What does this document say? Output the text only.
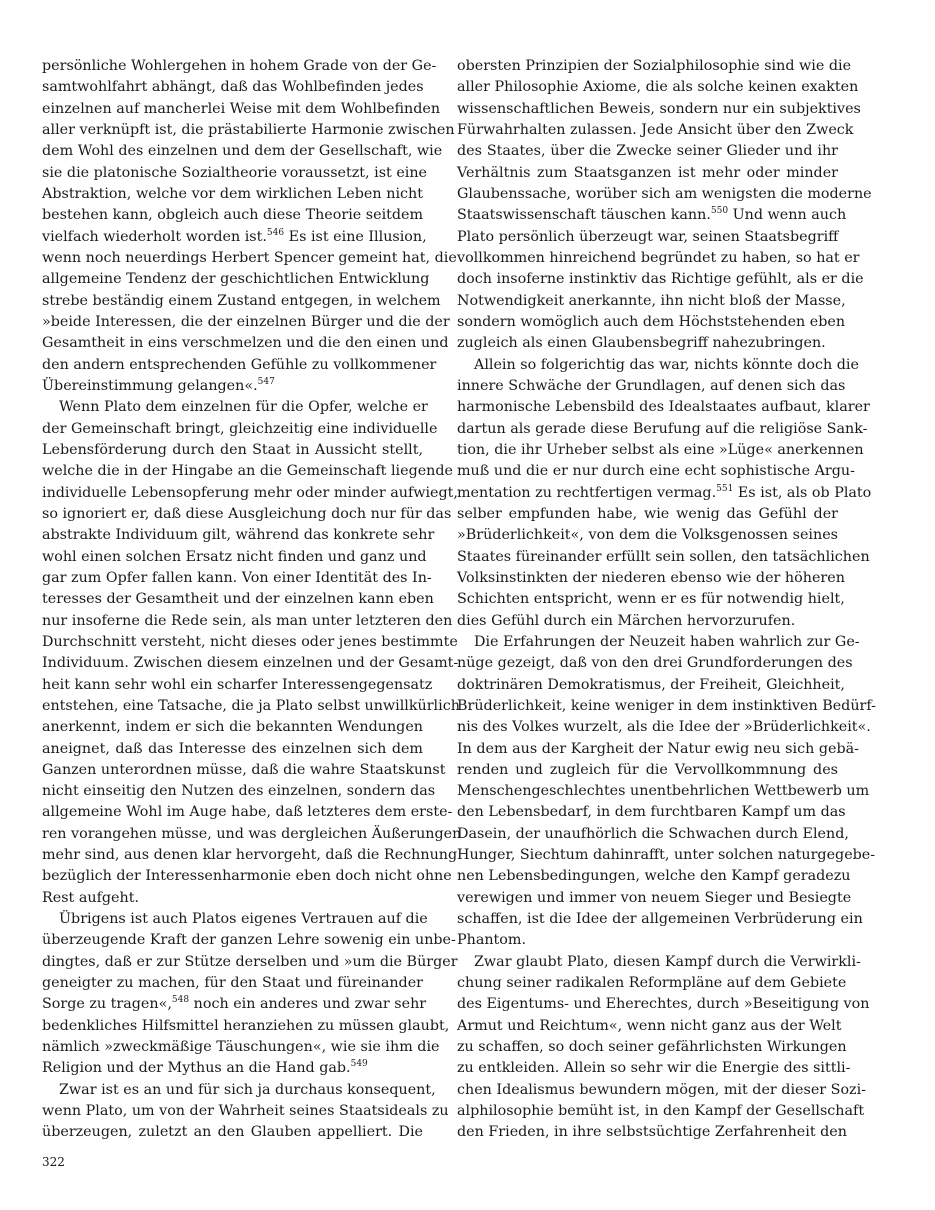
persönliche Wohlergehen in hohem Grade von der Ge-
samtwohlfahrt abhängt, daß das Wohlbefinden jedes
einzelnen auf mancherlei Weise mit dem Wohlbefinden
aller verknüpft ist, die prästabilierte Harmonie zwischen
dem Wohl des einzelnen und dem der Gesellschaft, wie
sie die platonische Sozialtheorie voraussetzt, ist eine
Abstraktion, welche vor dem wirklichen Leben nicht
bestehen kann, obgleich auch diese Theorie seitdem
vielfach wiederholt worden ist.$^{546}$ Es ist eine Illusion,
wenn noch neuerdings Herbert Spencer gemeint hat, die
allgemeine Tendenz der geschichtlichen Entwicklung
strebe beständig einem Zustand entgegen, in welchem
»beide Interessen, die der einzelnen Bürger und die der
Gesamtheit in eins verschmelzen und die den einen und
den andern entsprechenden Gefühle zu vollkommener
Übereinstimmung gelangen«.$^{547}$
Wenn Plato dem einzelnen für die Opfer, welche er
der Gemeinschaft bringt, gleichzeitig eine individuelle
Lebensförderung durch den Staat in Aussicht stellt,
welche die in der Hingabe an die Gemeinschaft liegende
individuelle Lebensopferung mehr oder minder aufwiegt,
so ignoriert er, daß diese Ausgleichung doch nur für das
abstrakte Individuum gilt, während das konkrete sehr
wohl einen solchen Ersatz nicht finden und ganz und
gar zum Opfer fallen kann. Von einer Identität des In-
teresses der Gesamtheit und der einzelnen kann eben
nur insoferne die Rede sein, als man unter letzteren den
Durchschnitt versteht, nicht dieses oder jenes bestimmte
Individuum. Zwischen diesem einzelnen und der Gesamt-
heit kann sehr wohl ein scharfer Interessengegensatz
entstehen, eine Tatsache, die ja Plato selbst unwillkürlich
anerkennt, indem er sich die bekannten Wendungen
aneignet, daß das Interesse des einzelnen sich dem
Ganzen unterordnen müsse, daß die wahre Staatskunst
nicht einseitig den Nutzen des einzelnen, sondern das
allgemeine Wohl im Auge habe, daß letzteres dem erste-
ren vorangehen müsse, und was dergleichen Äußerungen
mehr sind, aus denen klar hervorgeht, daß die Rechnung
bezüglich der Interessenharmonie eben doch nicht ohne
Rest aufgeht.
Übrigens ist auch Platos eigenes Vertrauen auf die
überzeugende Kraft der ganzen Lehre sowenig ein unbe-
dingtes, daß er zur Stütze derselben und »um die Bürger
geneigter zu machen, für den Staat und füreinander
Sorge zu tragen«,$^{548}$ noch ein anderes und zwar sehr
bedenkliches Hilfsmittel heranziehen zu müssen glaubt,
nämlich »zweckmäßige Täuschungen«, wie sie ihm die
Religion und der Mythus an die Hand gab.$^{549}$
Zwar ist es an und für sich ja durchaus konsequent,
wenn Plato, um von der Wahrheit seines Staatsideals zu
überzeugen, zuletzt an den Glauben appelliert. Die
obersten Prinzipien der Sozialphilosophie sind wie die
aller Philosophie Axiome, die als solche keinen exakten
wissenschaftlichen Beweis, sondern nur ein subjektives
Fürwahrhalten zulassen. Jede Ansicht über den Zweck
des Staates, über die Zwecke seiner Glieder und ihr
Verhältnis zum Staatsganzen ist mehr oder minder
Glaubenssache, worüber sich am wenigsten die moderne
Staatswissenschaft täuschen kann.$^{550}$ Und wenn auch
Plato persönlich überzeugt war, seinen Staatsbegriff
vollkommen hinreichend begründet zu haben, so hat er
doch insoferne instinktiv das Richtige gefühlt, als er die
Notwendigkeit anerkannte, ihn nicht bloß der Masse,
sondern womöglich auch dem Höchststehenden eben
zugleich als einen Glaubensbegriff nahezubringen.
Allein so folgerichtig das war, nichts könnte doch die
innere Schwäche der Grundlagen, auf denen sich das
harmonische Lebensbild des Idealstaates aufbaut, klarer
dartun als gerade diese Berufung auf die religiöse Sank-
tion, die ihr Urheber selbst als eine »Lüge« anerkennen
muß und die er nur durch eine echt sophistische Argu-
mentation zu rechtfertigen vermag.$^{551}$ Es ist, als ob Plato
selber empfunden habe, wie wenig das Gefühl der
»Brüderlichkeit«, von dem die Volksgenossen seines
Staates füreinander erfüllt sein sollen, den tatsächlichen
Volksinstinkten der niederen ebenso wie der höheren
Schichten entspricht, wenn er es für notwendig hielt,
dies Gefühl durch ein Märchen hervorzurufen.
Die Erfahrungen der Neuzeit haben wahrlich zur Ge-
nüge gezeigt, daß von den drei Grundforderungen des
doktrinären Demokratismus, der Freiheit, Gleichheit,
Brüderlichkeit, keine weniger in dem instinktiven Bedürf-
nis des Volkes wurzelt, als die Idee der »Brüderlichkeit«.
In dem aus der Kargheit der Natur ewig neu sich gebä-
renden und zugleich für die Vervollkommnung des
Menschengeschlechtes unentbehrlichen Wettbewerb um
den Lebensbedarf, in dem furchtbaren Kampf um das
Dasein, der unaufhörlich die Schwachen durch Elend,
Hunger, Siechtum dahinrafft, unter solchen naturgegebe-
nen Lebensbedingungen, welche den Kampf geradezu
verewigen und immer von neuem Sieger und Besiegte
schaffen, ist die Idee der allgemeinen Verbrüderung ein
Phantom.
Zwar glaubt Plato, diesen Kampf durch die Verwirkli-
chung seiner radikalen Reformpläne auf dem Gebiete
des Eigentums- und Eherechtes, durch »Beseitigung von
Armut und Reichtum«, wenn nicht ganz aus der Welt
zu schaffen, so doch seiner gefährlichsten Wirkungen
zu entkleiden. Allein so sehr wir die Energie des sittli-
chen Idealismus bewundern mögen, mit der dieser Sozi-
alphilosophie bemüht ist, in den Kampf der Gesellschaft
den Frieden, in ihre selbstsüchtige Zerfahrenheit den
322
